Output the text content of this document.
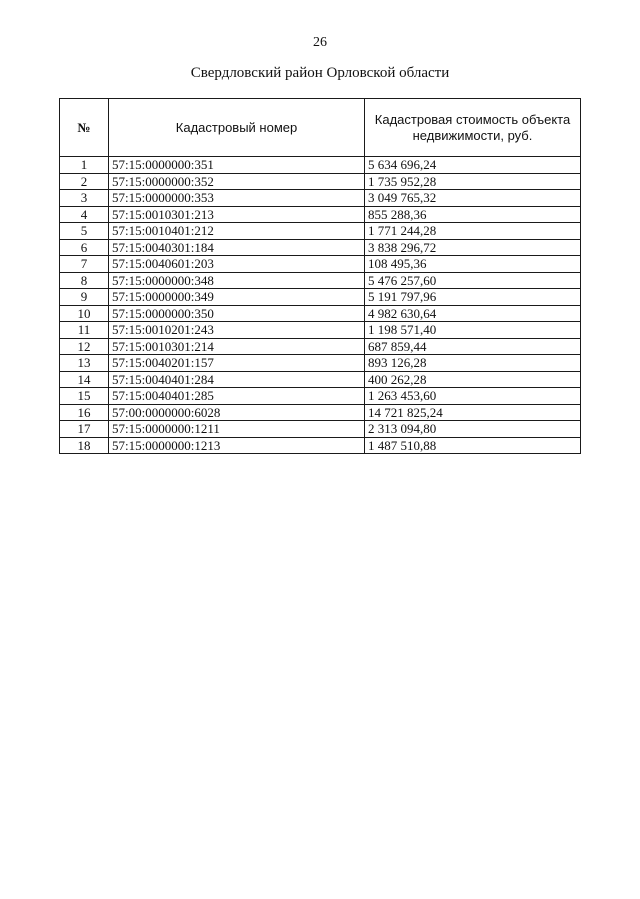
26
Свердловский район Орловской области
№	Кадастровый номер	Кадастровая стоимость объекта недвижимости, руб.
1	57:15:0000000:351	5 634 696,24
2	57:15:0000000:352	1 735 952,28
3	57:15:0000000:353	3 049 765,32
4	57:15:0010301:213	855 288,36
5	57:15:0010401:212	1 771 244,28
6	57:15:0040301:184	3 838 296,72
7	57:15:0040601:203	108 495,36
8	57:15:0000000:348	5 476 257,60
9	57:15:0000000:349	5 191 797,96
10	57:15:0000000:350	4 982 630,64
11	57:15:0010201:243	1 198 571,40
12	57:15:0010301:214	687 859,44
13	57:15:0040201:157	893 126,28
14	57:15:0040401:284	400 262,28
15	57:15:0040401:285	1 263 453,60
16	57:00:0000000:6028	14 721 825,24
17	57:15:0000000:1211	2 313 094,80
18	57:15:0000000:1213	1 487 510,88
